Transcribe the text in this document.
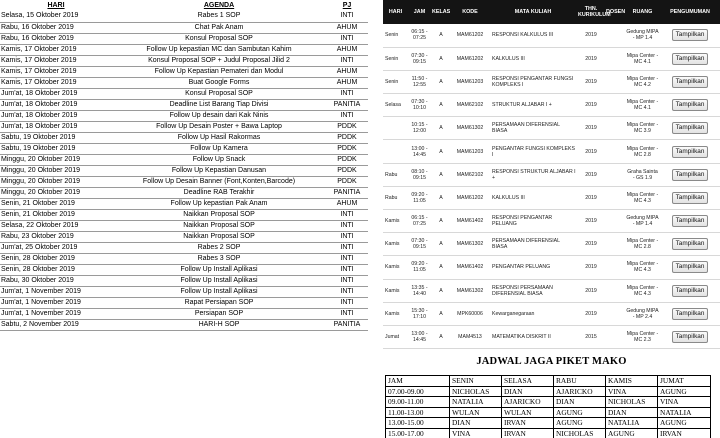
HARI	AGENDA	PJ
Selasa, 15 Oktober 2019	Rabes 1 SOP	INTI
Rabu, 16 Oktober 2019	Chat Pak Anam	AHUM
Rabu, 16 Oktober 2019	Konsul Proposal SOP	INTI
Kamis, 17 Oktober 2019	Follow Up kepastian MC dan Sambutan Kahim	AHUM
Kamis, 17 Oktober 2019	Konsul Proposal SOP + Judul Proposal Jilid 2	INTI
Kamis, 17 Oktober 2019	Follow Up Kepastian Pemateri dan Modul	AHUM
Kamis, 17 Oktober 2019	Buat Google Forms	AHUM
Jum'at, 18 Oktober 2019	Konsul Proposal SOP	INTI
Jum'at, 18 Oktober 2019	Deadline List Barang Tiap Divisi	PANITIA
Jum'at, 18 Oktober 2019	Follow Up desain dari Kak Ninis	INTI
Jum'at, 18 Oktober 2019	Follow Up Desain Poster + Bawa Laptop	PDDK
Sabtu, 19 Oktober 2019	Follow Up Hasil Rakormas	PDDK
Sabtu, 19 Oktober 2019	Follow Up Kamera	PDDK
Minggu, 20 Oktober 2019	Follow Up Snack	PDDK
Minggu, 20 Oktober 2019	Follow Up Kepastian Danusan	PDDK
Minggu, 20 Oktober 2019	Follow Up Desain Banner (Font,Konten,Barcode)	PDDK
Minggu, 20 Oktober 2019	Deadline RAB Terakhir	PANITIA
Senin, 21 Oktober 2019	Follow Up kepastian Pak Anam	AHUM
Senin, 21 Oktober 2019	Naikkan Proposal SOP	INTI
Selasa, 22 Oktober 2019	Naikkan Proposal SOP	INTI
Rabu, 23 Oktober 2019	Naikkan Proposal SOP	INTI
Jum'at, 25 Oktober 2019	Rabes 2 SOP	INTI
Senin, 28 Oktober 2019	Rabes 3 SOP	INTI
Senin, 28 Oktober 2019	Follow Up Install Aplikasi	INTI
Rabu, 30 Oktober 2019	Follow Up Install Aplikasi	INTI
Jum'at, 1 November 2019	Follow Up Install Aplikasi	INTI
Jum'at, 1 November 2019	Rapat Persiapan SOP	INTI
Jum'at, 1 November 2019	Persiapan SOP	INTI
Sabtu, 2 November 2019	HARI-H SOP	PANITIA
HARI	JAM	KELAS	KODE	MATA KULIAH	THN. KURIKULUM	DOSEN	RUANG	PENGUMUMAN
Senin	06:15 - 07:25	A	MAM61202	RESPONSI KALKULUS III	2019		Gedung MIPA - MP 1.4	Tampilkan
Senin	07:30 - 09:15	A	MAM61202	KALKULUS III	2019		Mipa Center - MC 4.1	Tampilkan
Senin	11:50 - 12:55	A	MAM61203	RESPONSI PENGANTAR FUNGSI KOMPLEKS I	2019		Mipa Center - MC 4.2	Tampilkan
Selasa	07:30 - 10:10	A	MAM62102	STRUKTUR ALJABAR I +	2019		Mipa Center - MC 4.1	Tampilkan
	10:15 - 12:00	A	MAM61302	PERSAMAAN DIFERENSIAL BIASA	2019		Mipa Center - MC 3.9	Tampilkan
	13:00 - 14:45	A	MAM61203	PENGANTAR FUNGSI KOMPLEKS I	2019		Mipa Center - MC 2.8	Tampilkan
Rabu	08:10 - 09:15	A	MAM62102	RESPONSI STRUKTUR ALJABAR I +	2019		Graha Sainta - GS 1.9	Tampilkan
Rabu	09:20 - 11:05	A	MAM61202	KALKULUS III	2019		Mipa Center - MC 4.3	Tampilkan
Kamis	06:15 - 07:25	A	MAM61402	RESPONSI PENGANTAR PELUANG	2019		Gedung MIPA - MP 1.4	Tampilkan
Kamis	07:30 - 09:15	A	MAM61302	PERSAMAAN DIFERENSIAL BIASA	2019		Mipa Center - MC 2.8	Tampilkan
Kamis	09:20 - 11:05	A	MAM61402	PENGANTAR PELUANG	2019		Mipa Center - MC 4.3	Tampilkan
Kamis	13:35 - 14:40	A	MAM61302	RESPONSI PERSAMAAN DIFERENSIAL BIASA	2019		Mipa Center - MC 4.3	Tampilkan
Kamis	15:30 - 17:10	A	MPK60006	Kewarganegaraan	2019		Gedung MIPA - MP 2.4	Tampilkan
Jumat	13:00 - 14:45	A	MAM4513	MATEMATIKA DISKRIT II	2015		Mipa Center - MC 2.3	Tampilkan
JADWAL JAGA PIKET MAKO
JAM	SENIN	SELASA	RABU	KAMIS	JUMAT
07.00-09.00	NICHOLAS	DIAN	AJARICKO	VINA	AGUNG
09.00-11.00	NATALIA	AJARICKO	DIAN	NICHOLAS	VINA
11.00-13.00	WULAN	WULAN	AGUNG	DIAN	NATALIA
13.00-15.00	DIAN	IRVAN	AGUNG	NATALIA	AGUNG
15.00-17.00	VINA	IRVAN	NICHOLAS	AGUNG	IRVAN
